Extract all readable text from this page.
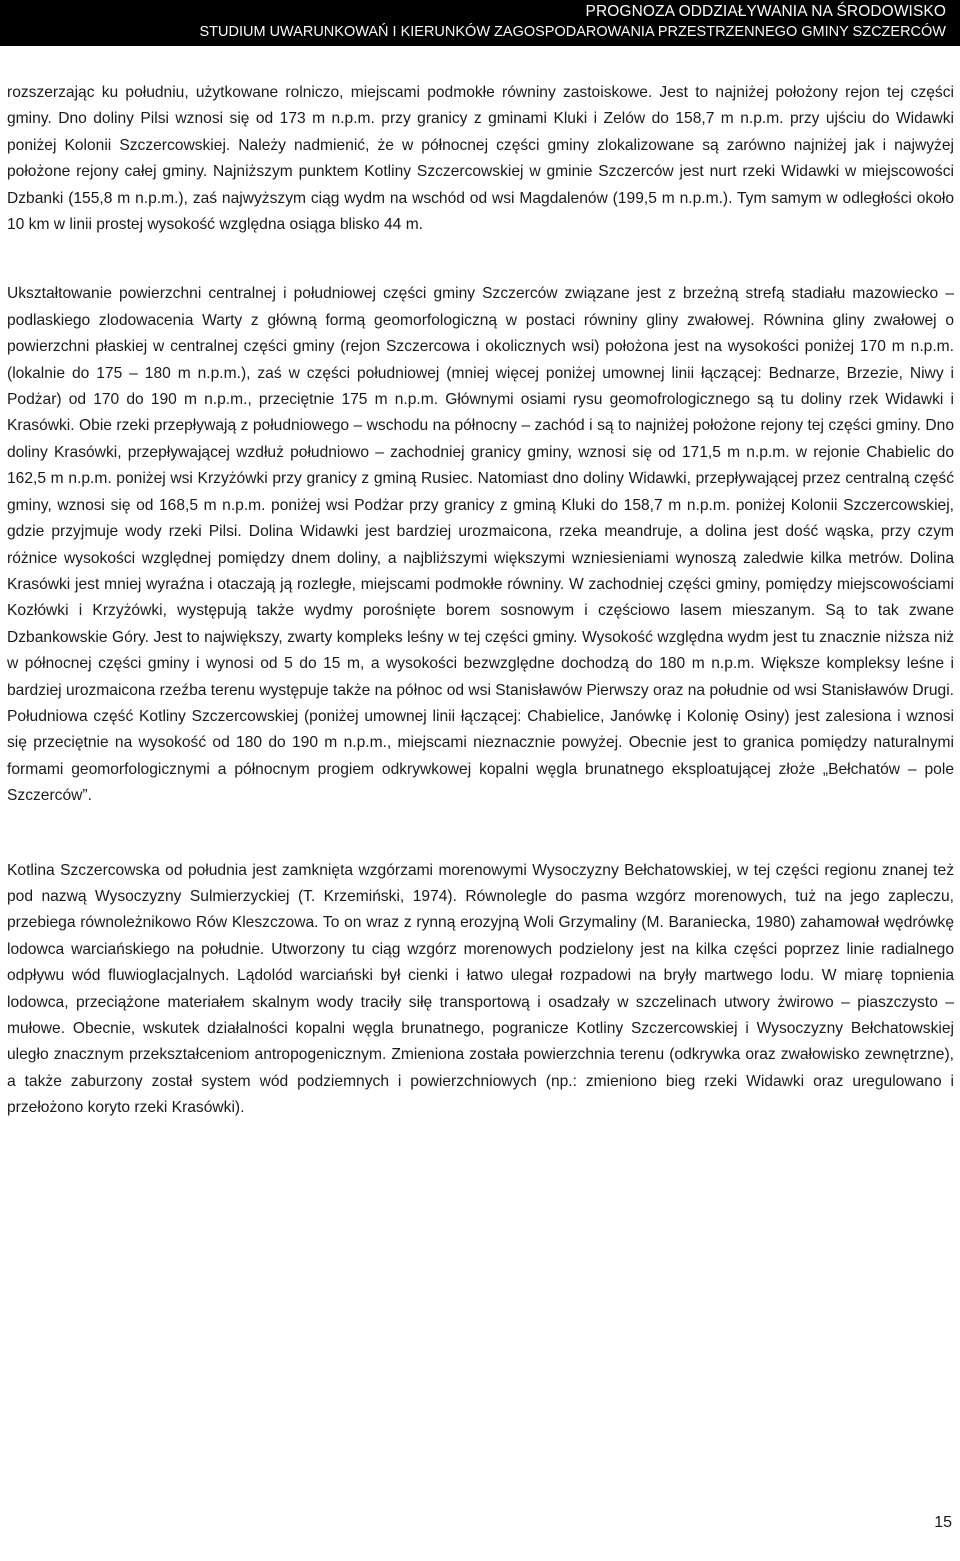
PROGNOZA ODDZIAŁYWANIA NA ŚRODOWISKO
STUDIUM UWARUNKOWAŃ I KIERUNKÓW ZAGOSPODAROWANIA PRZESTRZENNEGO GMINY SZCZERCÓW

rozszerzając ku południu, użytkowane rolniczo, miejscami podmokłe równiny zastoiskowe. Jest to najniżej położony rejon tej części gminy. Dno doliny Pilsi wznosi się od 173 m n.p.m. przy granicy z gminami Kluki i Zelów do 158,7 m n.p.m. przy ujściu do Widawki poniżej Kolonii Szczercowskiej. Należy nadmienić, że w północnej części gminy zlokalizowane są zarówno najniżej jak i najwyżej położone rejony całej gminy. Najniższym punktem Kotliny Szczercowskiej w gminie Szczerców jest nurt rzeki Widawki w miejscowości Dzbanki (155,8 m n.p.m.), zaś najwyższym ciąg wydm na wschód od wsi Magdalenów (199,5 m n.p.m.). Tym samym w odległości około 10 km w linii prostej wysokość względna osiąga blisko 44 m.

Ukształtowanie powierzchni centralnej i południowej części gminy Szczerców związane jest z brzeżną strefą stadiału mazowiecko – podlaskiego zlodowacenia Warty z główną formą geomorfologiczną w postaci równiny gliny zwałowej. Równina gliny zwałowej o powierzchni płaskiej w centralnej części gminy (rejon Szczercowa i okolicznych wsi) położona jest na wysokości poniżej 170 m n.p.m. (lokalnie do 175 – 180 m n.p.m.), zaś w części południowej (mniej więcej poniżej umownej linii łączącej: Bednarze, Brzezie, Niwy i Podżar) od 170 do 190 m n.p.m., przeciętnie 175 m n.p.m. Głównymi osiami rysu geomofrologicznego są tu doliny rzek Widawki i Krasówki. Obie rzeki przepływają z południowego – wschodu na północny – zachód i są to najniżej położone rejony tej części gminy. Dno doliny Krasówki, przepływającej wzdłuż południowo – zachodniej granicy gminy, wznosi się od 171,5 m n.p.m. w rejonie Chabielic do 162,5 m n.p.m. poniżej wsi Krzyżówki przy granicy z gminą Rusiec. Natomiast dno doliny Widawki, przepływającej przez centralną część gminy, wznosi się od 168,5 m n.p.m. poniżej wsi Podżar przy granicy z gminą Kluki do 158,7 m n.p.m. poniżej Kolonii Szczercowskiej, gdzie przyjmuje wody rzeki Pilsi. Dolina Widawki jest bardziej urozmaicona, rzeka meandruje, a dolina jest dość wąska, przy czym różnice wysokości względnej pomiędzy dnem doliny, a najbliższymi większymi wzniesieniami wynoszą zaledwie kilka metrów. Dolina Krasówki jest mniej wyraźna i otaczają ją rozległe, miejscami podmokłe równiny. W zachodniej części gminy, pomiędzy miejscowościami Kozłówki i Krzyżówki, występują także wydmy porośnięte borem sosnowym i częściowo lasem mieszanym. Są to tak zwane Dzbankowskie Góry. Jest to największy, zwarty kompleks leśny w tej części gminy. Wysokość względna wydm jest tu znacznie niższa niż w północnej części gminy i wynosi od 5 do 15 m, a wysokości bezwzględne dochodzą do 180 m n.p.m. Większe kompleksy leśne i bardziej urozmaicona rzeźba terenu występuje także na północ od wsi Stanisławów Pierwszy oraz na południe od wsi Stanisławów Drugi. Południowa część Kotliny Szczercowskiej (poniżej umownej linii łączącej: Chabielice, Janówkę i Kolonię Osiny) jest zalesiona i wznosi się przeciętnie na wysokość od 180 do 190 m n.p.m., miejscami nieznacznie powyżej. Obecnie jest to granica pomiędzy naturalnymi formami geomorfologicznymi a północnym progiem odkrywkowej kopalni węgla brunatnego eksploatującej złoże „Bełchatów – pole Szczerców”.

Kotlina Szczercowska od południa jest zamknięta wzgórzami morenowymi Wysoczyzny Bełchatowskiej, w tej części regionu znanej też pod nazwą Wysoczyzny Sulmierzyckiej (T. Krzemiński, 1974). Równolegle do pasma wzgórz morenowych, tuż na jego zapleczu, przebiega równoleżnikowo Rów Kleszczowa. To on wraz z rynną erozyjną Woli Grzymaliny (M. Baraniecka, 1980) zahamował wędrówkę lodowca warciańskiego na południe. Utworzony tu ciąg wzgórz morenowych podzielony jest na kilka części poprzez linie radialnego odpływu wód fluwioglacjalnych. Lądolód warciański był cienki i łatwo ulegał rozpadowi na bryły martwego lodu. W miarę topnienia lodowca, przeciążone materiałem skalnym wody traciły siłę transportową i osadzały w szczelinach utwory żwirowo – piaszczysto – mułowe. Obecnie, wskutek działalności kopalni węgla brunatnego, pogranicze Kotliny Szczercowskiej i Wysoczyzny Bełchatowskiej uległo znacznym przekształceniom antropogenicznym. Zmieniona została powierzchnia terenu (odkrywka oraz zwałowisko zewnętrzne), a także zaburzony został system wód podziemnych i powierzchniowych (np.: zmieniono bieg rzeki Widawki oraz uregulowano i przełożono koryto rzeki Krasówki).

15
